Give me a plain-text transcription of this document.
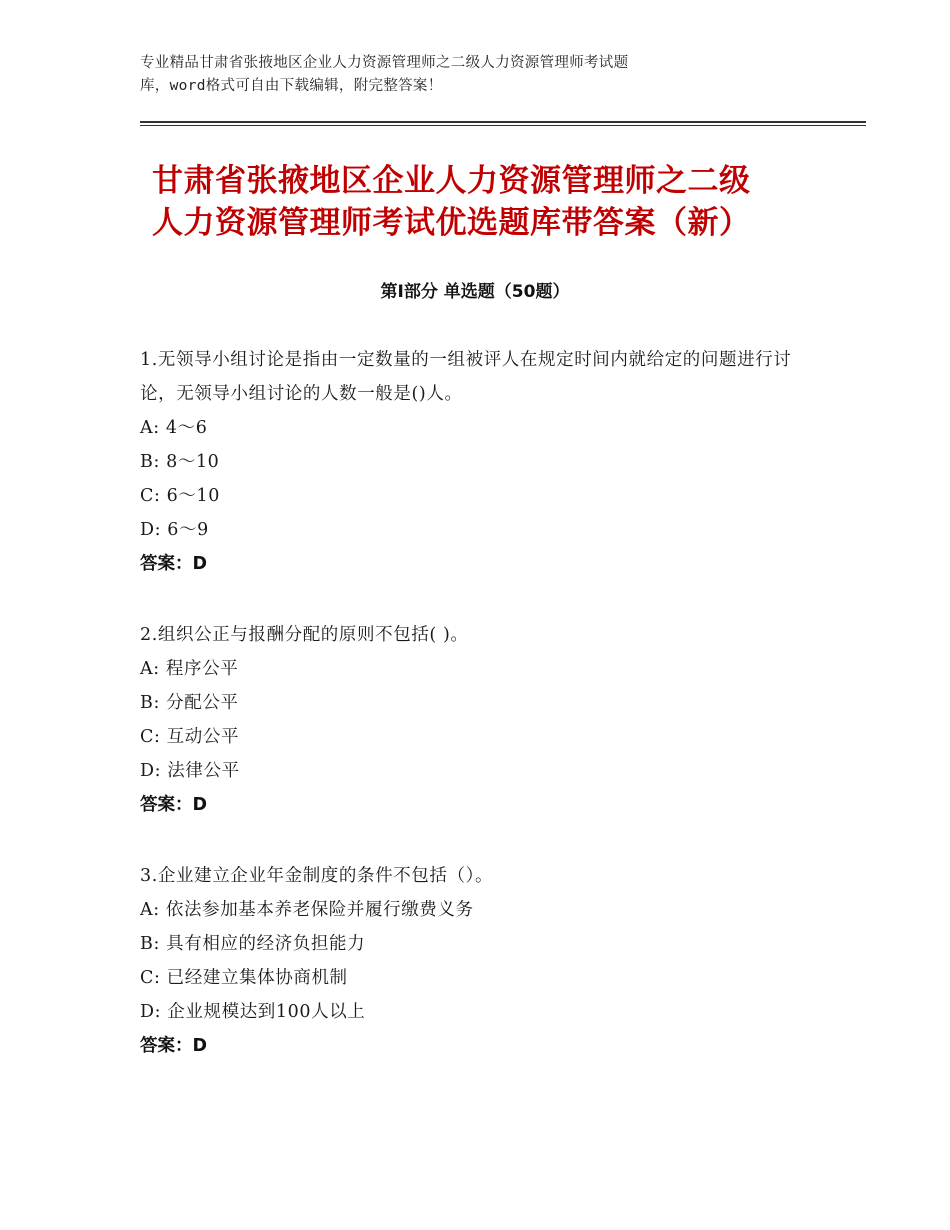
专业精品甘肃省张掖地区企业人力资源管理师之二级人力资源管理师考试题
库，word格式可自由下载编辑，附完整答案！
甘肃省张掖地区企业人力资源管理师之二级
人力资源管理师考试优选题库带答案（新）
第Ⅰ部分 单选题（50题）
1.无领导小组讨论是指由一定数量的一组被评人在规定时间内就给定的问题进行讨论，无领导小组讨论的人数一般是()人。
A: 4～6
B: 8～10
C: 6～10
D: 6～9
答案：D
2.组织公正与报酬分配的原则不包括( )。
A: 程序公平
B: 分配公平
C: 互动公平
D: 法律公平
答案：D
3.企业建立企业年金制度的条件不包括（）。
A: 依法参加基本养老保险并履行缴费义务
B: 具有相应的经济负担能力
C: 已经建立集体协商机制
D: 企业规模达到100人以上
答案：D
